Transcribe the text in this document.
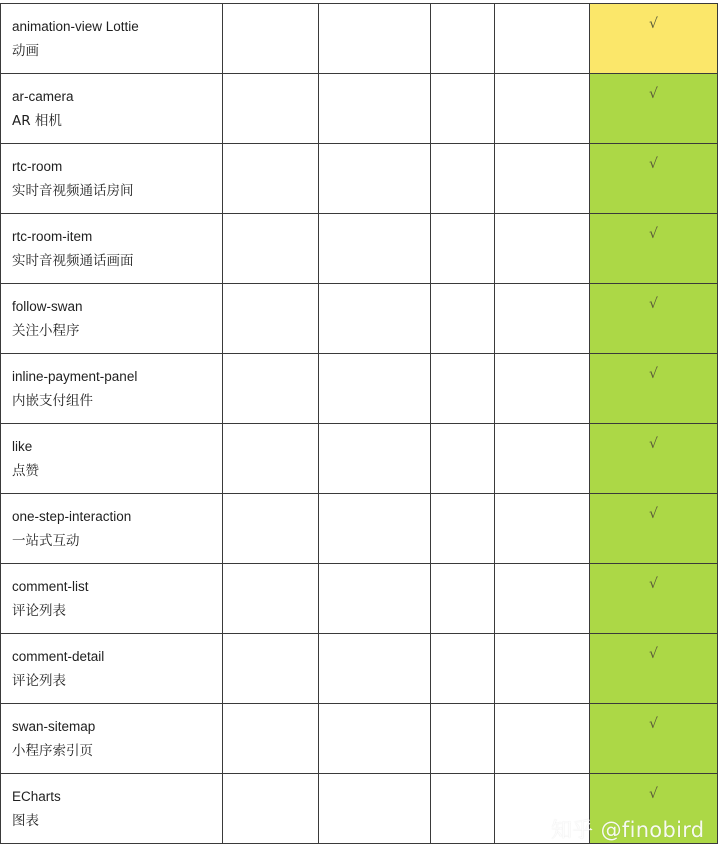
animation-view Lottie
动画					√

ar-camera
AR 相机					√

rtc-room
实时音视频通话房间					√

rtc-room-item
实时音视频通话画面					√

follow-swan
关注小程序					√

inline-payment-panel
内嵌支付组件					√

like
点赞					√

one-step-interaction
一站式互动					√

comment-list
评论列表					√

comment-detail
评论列表					√

swan-sitemap
小程序索引页					√

ECharts
图表					√
知乎 @finobird
